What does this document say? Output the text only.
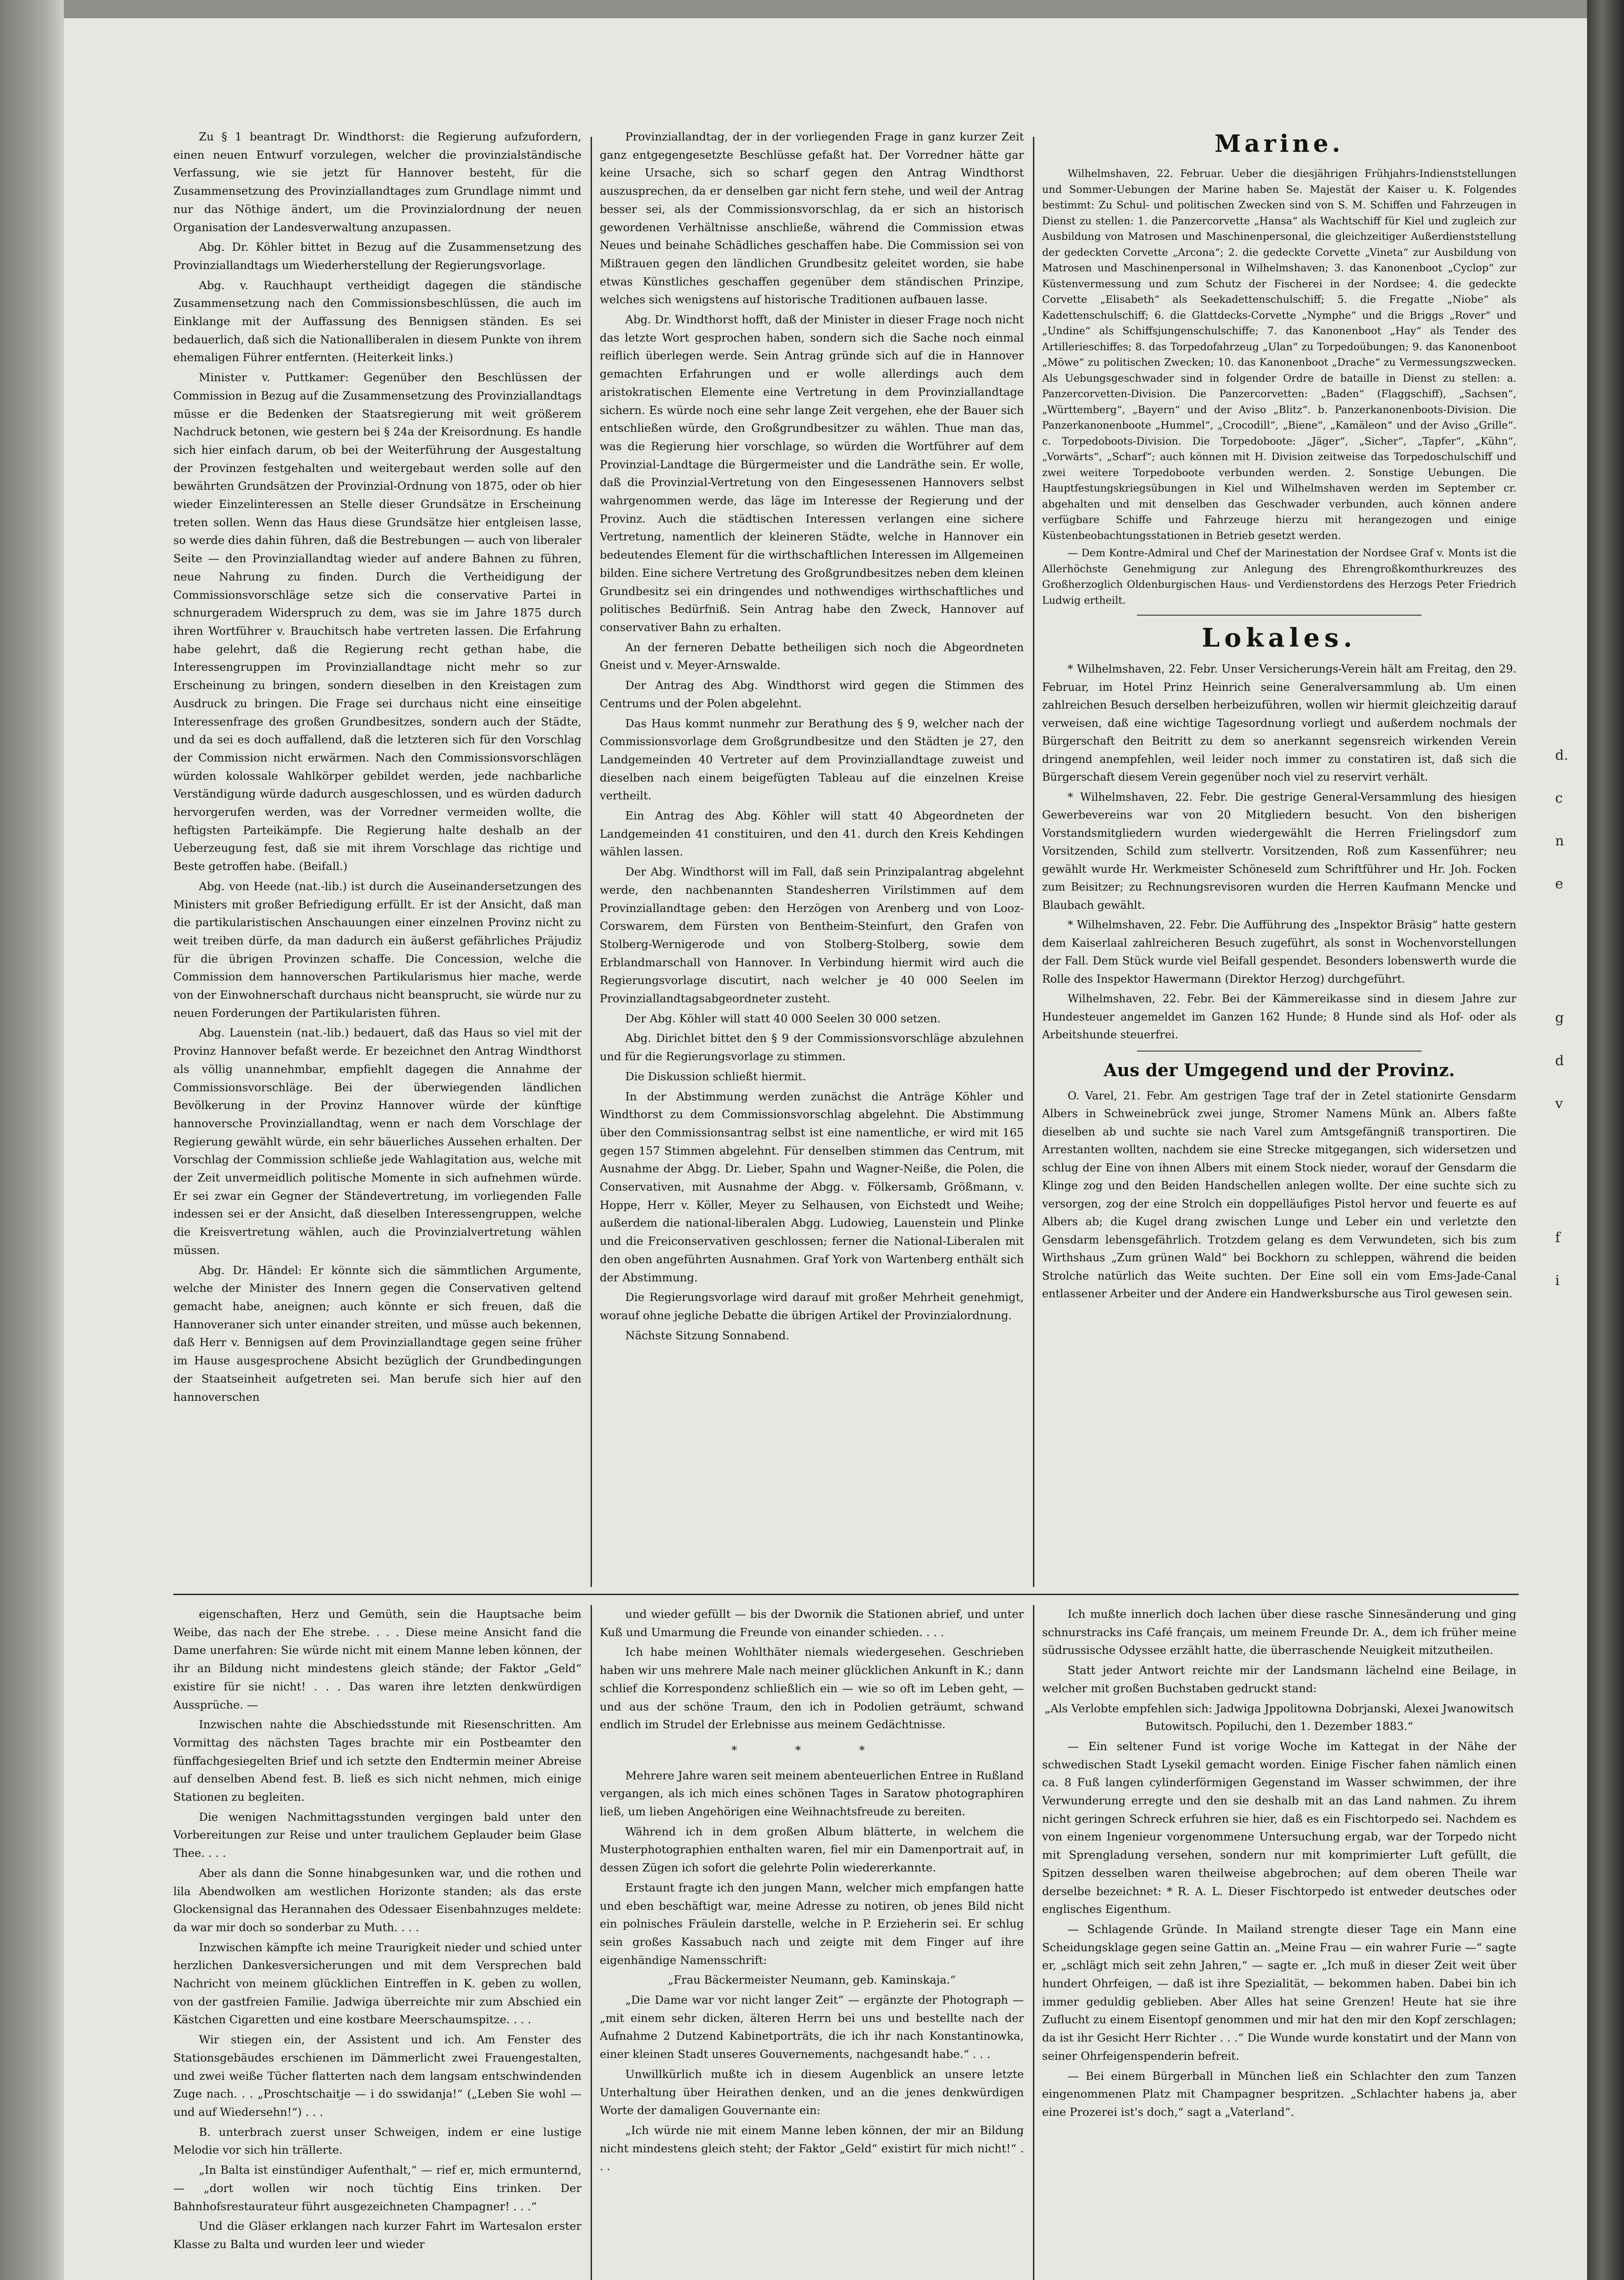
Zu § 1 beantragt Dr. Windthorst: die Regierung aufzufordern, einen neuen Entwurf vorzulegen, welcher die provinzialständische Verfassung, wie sie jetzt für Hannover besteht, für die Zusammensetzung des Provinziallandtages zum Grundlage nimmt und nur das Nöthige ändert, um die Provinzialordnung der neuen Organisation der Landesverwaltung anzupassen.

Abg. Dr. Köhler bittet in Bezug auf die Zusammensetzung des Provinziallandtags um Wiederherstellung der Regierungsvorlage.

Abg. v. Rauchhaupt vertheidigt dagegen die ständische Zusammensetzung nach den Commissionsbeschlüssen, die auch im Einklange mit der Auffassung des Bennigsen ständen. Es sei bedauerlich, daß sich die Nationalliberalen in diesem Punkte von ihrem ehemaligen Führer entfernten. (Heiterkeit links.)

Minister v. Puttkamer: Gegenüber den Beschlüssen der Commission in Bezug auf die Zusammensetzung des Provinziallandtags müsse er die Bedenken der Staatsregierung mit weit größerem Nachdruck betonen, wie gestern bei § 24a der Kreisordnung. Es handle sich hier einfach darum, ob bei der Weiterführung der Ausgestaltung der Provinzen festgehalten und weitergebaut werden solle auf den bewährten Grundsätzen der Provinzial-Ordnung von 1875, oder ob hier wieder Einzelinteressen an Stelle dieser Grundsätze in Erscheinung treten sollen. Wenn das Haus diese Grundsätze hier entgleisen lasse, so werde dies dahin führen, daß die Bestrebungen — auch von liberaler Seite — den Provinziallandtag wieder auf andere Bahnen zu führen, neue Nahrung zu finden. Durch die Vertheidigung der Commissionsvorschläge setze sich die conservative Partei in schnurgeradem Widerspruch zu dem, was sie im Jahre 1875 durch ihren Wortführer v. Brauchitsch habe vertreten lassen. Die Erfahrung habe gelehrt, daß die Regierung recht gethan habe, die Interessengruppen im Provinziallandtage nicht mehr so zur Erscheinung zu bringen, sondern dieselben in den Kreistagen zum Ausdruck zu bringen. Die Frage sei durchaus nicht eine einseitige Interessenfrage des großen Grundbesitzes, sondern auch der Städte, und da sei es doch auffallend, daß die letzteren sich für den Vorschlag der Commission nicht erwärmen. Nach den Commissionsvorschlägen würden kolossale Wahlkörper gebildet werden, jede nachbarliche Verständigung würde dadurch ausgeschlossen, und es würden dadurch hervorgerufen werden, was der Vorredner vermeiden wollte, die heftigsten Parteikämpfe. Die Regierung halte deshalb an der Ueberzeugung fest, daß sie mit ihrem Vorschlage das richtige und Beste getroffen habe. (Beifall.)

Abg. von Heede (nat.-lib.) ist durch die Auseinandersetzungen des Ministers mit großer Befriedigung erfüllt. Er ist der Ansicht, daß man die partikularistischen Anschauungen einer einzelnen Provinz nicht zu weit treiben dürfe, da man dadurch ein äußerst gefährliches Präjudiz für die übrigen Provinzen schaffe. Die Concession, welche die Commission dem hannoverschen Partikularismus hier mache, werde von der Einwohnerschaft durchaus nicht beansprucht, sie würde nur zu neuen Forderungen der Partikularisten führen.

Abg. Lauenstein (nat.-lib.) bedauert, daß das Haus so viel mit der Provinz Hannover befaßt werde. Er bezeichnet den Antrag Windthorst als völlig unannehmbar, empfiehlt dagegen die Annahme der Commissionsvorschläge. Bei der überwiegenden ländlichen Bevölkerung in der Provinz Hannover würde der künftige hannoversche Provinziallandtag, wenn er nach dem Vorschlage der Regierung gewählt würde, ein sehr bäuerliches Aussehen erhalten. Der Vorschlag der Commission schließe jede Wahlagitation aus, welche mit der Zeit unvermeidlich politische Momente in sich aufnehmen würde. Er sei zwar ein Gegner der Ständevertretung, im vorliegenden Falle indessen sei er der Ansicht, daß dieselben Interessengruppen, welche die Kreisvertretung wählen, auch die Provinzialvertretung wählen müssen.

Abg. Dr. Händel: Er könnte sich die sämmtlichen Argumente, welche der Minister des Innern gegen die Conservativen geltend gemacht habe, aneignen; auch könnte er sich freuen, daß die Hannoveraner sich unter einander streiten, und müsse auch bekennen, daß Herr v. Bennigsen auf dem Provinziallandtage gegen seine früher im Hause ausgesprochene Absicht bezüglich der Grundbedingungen der Staatseinheit aufgetreten sei. Man berufe sich hier auf den hannoverschen

Provinziallandtag, der in der vorliegenden Frage in ganz kurzer Zeit ganz entgegengesetzte Beschlüsse gefaßt hat. Der Vorredner hätte gar keine Ursache, sich so scharf gegen den Antrag Windthorst auszusprechen, da er denselben gar nicht fern stehe, und weil der Antrag besser sei, als der Commissionsvorschlag, da er sich an historisch gewordenen Verhältnisse anschließe, während die Commission etwas Neues und beinahe Schädliches geschaffen habe. Die Commission sei von Mißtrauen gegen den ländlichen Grundbesitz geleitet worden, sie habe etwas Künstliches geschaffen gegenüber dem ständischen Prinzipe, welches sich wenigstens auf historische Traditionen aufbauen lasse.

Abg. Dr. Windthorst hofft, daß der Minister in dieser Frage noch nicht das letzte Wort gesprochen haben, sondern sich die Sache noch einmal reiflich überlegen werde. Sein Antrag gründe sich auf die in Hannover gemachten Erfahrungen und er wolle allerdings auch dem aristokratischen Elemente eine Vertretung in dem Provinziallandtage sichern. Es würde noch eine sehr lange Zeit vergehen, ehe der Bauer sich entschließen würde, den Großgrundbesitzer zu wählen. Thue man das, was die Regierung hier vorschlage, so würden die Wortführer auf dem Provinzial-Landtage die Bürgermeister und die Landräthe sein. Er wolle, daß die Provinzial-Vertretung von den Eingesessenen Hannovers selbst wahrgenommen werde, das läge im Interesse der Regierung und der Provinz. Auch die städtischen Interessen verlangen eine sichere Vertretung, namentlich der kleineren Städte, welche in Hannover ein bedeutendes Element für die wirthschaftlichen Interessen im Allgemeinen bilden. Eine sichere Vertretung des Großgrundbesitzes neben dem kleinen Grundbesitz sei ein dringendes und nothwendiges wirthschaftliches und politisches Bedürfniß. Sein Antrag habe den Zweck, Hannover auf conservativer Bahn zu erhalten.

An der ferneren Debatte betheiligen sich noch die Abgeordneten Gneist und v. Meyer-Arnswalde.

Der Antrag des Abg. Windthorst wird gegen die Stimmen des Centrums und der Polen abgelehnt.

Das Haus kommt nunmehr zur Berathung des § 9, welcher nach der Commissionsvorlage dem Großgrundbesitze und den Städten je 27, den Landgemeinden 40 Vertreter auf dem Provinziallandtage zuweist und dieselben nach einem beigefügten Tableau auf die einzelnen Kreise vertheilt.

Ein Antrag des Abg. Köhler will statt 40 Abgeordneten der Landgemeinden 41 constituiren, und den 41. durch den Kreis Kehdingen wählen lassen.

Der Abg. Windthorst will im Fall, daß sein Prinzipalantrag abgelehnt werde, den nachbenannten Standesherren Virilstimmen auf dem Provinziallandtage geben: den Herzögen von Arenberg und von Looz-Corswarem, dem Fürsten von Bentheim-Steinfurt, den Grafen von Stolberg-Wernigerode und von Stolberg-Stolberg, sowie dem Erblandmarschall von Hannover. In Verbindung hiermit wird auch die Regierungsvorlage discutirt, nach welcher je 40 000 Seelen im Provinziallandtagsabgeordneter zusteht.

Der Abg. Köhler will statt 40 000 Seelen 30 000 setzen.

Abg. Dirichlet bittet den § 9 der Commissionsvorschläge abzulehnen und für die Regierungsvorlage zu stimmen.

Die Diskussion schließt hiermit.

In der Abstimmung werden zunächst die Anträge Köhler und Windthorst zu dem Commissionsvorschlag abgelehnt. Die Abstimmung über den Commissionsantrag selbst ist eine namentliche, er wird mit 165 gegen 157 Stimmen abgelehnt. Für denselben stimmen das Centrum, mit Ausnahme der Abgg. Dr. Lieber, Spahn und Wagner-Neiße, die Polen, die Conservativen, mit Ausnahme der Abgg. v. Fölkersamb, Größmann, v. Hoppe, Herr v. Köller, Meyer zu Selhausen, von Eichstedt und Weihe; außerdem die national-liberalen Abgg. Ludowieg, Lauenstein und Plinke und die Freiconservativen geschlossen; ferner die National-Liberalen mit den oben angeführten Ausnahmen. Graf York von Wartenberg enthält sich der Abstimmung.

Die Regierungsvorlage wird darauf mit großer Mehrheit genehmigt, worauf ohne jegliche Debatte die übrigen Artikel der Provinzialordnung.

Nächste Sitzung Sonnabend.

Marine.

Wilhelmshaven, 22. Februar. Ueber die diesjährigen Frühjahrs-Indienststellungen und Sommer-Uebungen der Marine haben Se. Majestät der Kaiser u. K. Folgendes bestimmt: Zu Schul- und politischen Zwecken sind von S. M. Schiffen und Fahrzeugen in Dienst zu stellen: 1. die Panzercorvette „Hansa“ als Wachtschiff für Kiel und zugleich zur Ausbildung von Matrosen und Maschinenpersonal, die gleichzeitiger Außerdienststellung der gedeckten Corvette „Arcona“; 2. die gedeckte Corvette „Vineta“ zur Ausbildung von Matrosen und Maschinenpersonal in Wilhelmshaven; 3. das Kanonenboot „Cyclop“ zur Küstenvermessung und zum Schutz der Fischerei in der Nordsee; 4. die gedeckte Corvette „Elisabeth“ als Seekadettenschulschiff; 5. die Fregatte „Niobe“ als Kadettenschulschiff; 6. die Glattdecks-Corvette „Nymphe“ und die Briggs „Rover“ und „Undine“ als Schiffsjungenschulschiffe; 7. das Kanonenboot „Hay“ als Tender des Artillerieschiffes; 8. das Torpedofahrzeug „Ulan“ zu Torpedoübungen; 9. das Kanonenboot „Möwe“ zu politischen Zwecken; 10. das Kanonenboot „Drache“ zu Vermessungszwecken. Als Uebungsgeschwader sind in folgender Ordre de bataille in Dienst zu stellen: a. Panzercorvetten-Division. Die Panzercorvetten: „Baden“ (Flaggschiff), „Sachsen“, „Württemberg“, „Bayern“ und der Aviso „Blitz“. b. Panzerkanonenboots-Division. Die Panzerkanonenboote „Hummel“, „Crocodill“, „Biene“, „Kamäleon“ und der Aviso „Grille“. c. Torpedoboots-Division. Die Torpedoboote: „Jäger“, „Sicher“, „Tapfer“, „Kühn“, „Vorwärts“, „Scharf“; auch können mit H. Division zeitweise das Torpedoschulschiff und zwei weitere Torpedoboote verbunden werden. 2. Sonstige Uebungen. Die Hauptfestungskriegsübungen in Kiel und Wilhelmshaven werden im September cr. abgehalten und mit denselben das Geschwader verbunden, auch können andere verfügbare Schiffe und Fahrzeuge hierzu mit herangezogen und einige Küstenbeobachtungsstationen in Betrieb gesetzt werden.

— Dem Kontre-Admiral und Chef der Marinestation der Nordsee Graf v. Monts ist die Allerhöchste Genehmigung zur Anlegung des Ehrengroßkomthurkreuzes des Großherzoglich Oldenburgischen Haus- und Verdienstordens des Herzogs Peter Friedrich Ludwig ertheilt.

Lokales.

* Wilhelmshaven, 22. Febr. Unser Versicherungs-Verein hält am Freitag, den 29. Februar, im Hotel Prinz Heinrich seine Generalversammlung ab. Um einen zahlreichen Besuch derselben herbeizuführen, wollen wir hiermit gleichzeitig darauf verweisen, daß eine wichtige Tagesordnung vorliegt und außerdem nochmals der Bürgerschaft den Beitritt zu dem so anerkannt segensreich wirkenden Verein dringend anempfehlen, weil leider noch immer zu constatiren ist, daß sich die Bürgerschaft diesem Verein gegenüber noch viel zu reservirt verhält.

* Wilhelmshaven, 22. Febr. Die gestrige General-Versammlung des hiesigen Gewerbevereins war von 20 Mitgliedern besucht. Von den bisherigen Vorstandsmitgliedern wurden wiedergewählt die Herren Frielingsdorf zum Vorsitzenden, Schild zum stellvertr. Vorsitzenden, Roß zum Kassenführer; neu gewählt wurde Hr. Werkmeister Schöneseld zum Schriftführer und Hr. Joh. Focken zum Beisitzer; zu Rechnungsrevisoren wurden die Herren Kaufmann Mencke und Blaubach gewählt.

* Wilhelmshaven, 22. Febr. Die Aufführung des „Inspektor Bräsig“ hatte gestern dem Kaiserlaal zahlreicheren Besuch zugeführt, als sonst in Wochenvorstellungen der Fall. Dem Stück wurde viel Beifall gespendet. Besonders lobenswerth wurde die Rolle des Inspektor Hawermann (Direktor Herzog) durchgeführt.

Wilhelmshaven, 22. Febr. Bei der Kämmereikasse sind in diesem Jahre zur Hundesteuer angemeldet im Ganzen 162 Hunde; 8 Hunde sind als Hof- oder als Arbeitshunde steuerfrei.

Aus der Umgegend und der Provinz.

O. Varel, 21. Febr. Am gestrigen Tage traf der in Zetel stationirte Gensdarm Albers in Schweinebrück zwei junge, Stromer Namens Münk an. Albers faßte dieselben ab und suchte sie nach Varel zum Amtsgefängniß transportiren. Die Arrestanten wollten, nachdem sie eine Strecke mitgegangen, sich widersetzen und schlug der Eine von ihnen Albers mit einem Stock nieder, worauf der Gensdarm die Klinge zog und den Beiden Handschellen anlegen wollte. Der eine suchte sich zu versorgen, zog der eine Strolch ein doppelläufiges Pistol hervor und feuerte es auf Albers ab; die Kugel drang zwischen Lunge und Leber ein und verletzte den Gensdarm lebensgefährlich. Trotzdem gelang es dem Verwundeten, sich bis zum Wirthshaus „Zum grünen Wald“ bei Bockhorn zu schleppen, während die beiden Strolche natürlich das Weite suchten. Der Eine soll ein vom Ems-Jade-Canal entlassener Arbeiter und der Andere ein Handwerksbursche aus Tirol gewesen sein.

eigenschaften, Herz und Gemüth, sein die Hauptsache beim Weibe, das nach der Ehe strebe. . . . Diese meine Ansicht fand die Dame unerfahren: Sie würde nicht mit einem Manne leben können, der ihr an Bildung nicht mindestens gleich stände; der Faktor „Geld“ existire für sie nicht! . . . Das waren ihre letzten denkwürdigen Aussprüche. —

Inzwischen nahte die Abschiedsstunde mit Riesenschritten. Am Vormittag des nächsten Tages brachte mir ein Postbeamter den fünffachgesiegelten Brief und ich setzte den Endtermin meiner Abreise auf denselben Abend fest. B. ließ es sich nicht nehmen, mich einige Stationen zu begleiten.

Die wenigen Nachmittagsstunden vergingen bald unter den Vorbereitungen zur Reise und unter traulichem Geplauder beim Glase Thee. . . .

Aber als dann die Sonne hinabgesunken war, und die rothen und lila Abendwolken am westlichen Horizonte standen; als das erste Glockensignal das Herannahen des Odessaer Eisenbahnzuges meldete: da war mir doch so sonderbar zu Muth. . . .

Inzwischen kämpfte ich meine Traurigkeit nieder und schied unter herzlichen Dankesversicherungen und mit dem Versprechen bald Nachricht von meinem glücklichen Eintreffen in K. geben zu wollen, von der gastfreien Familie. Jadwiga überreichte mir zum Abschied ein Kästchen Cigaretten und eine kostbare Meerschaumspitze. . . .

Wir stiegen ein, der Assistent und ich. Am Fenster des Stationsgebäudes erschienen im Dämmerlicht zwei Frauengestalten, und zwei weiße Tücher flatterten nach dem langsam entschwindenden Zuge nach. . . „Proschtschaitje — i do sswidanja!“ („Leben Sie wohl — und auf Wiedersehn!“) . . .

B. unterbrach zuerst unser Schweigen, indem er eine lustige Melodie vor sich hin trällerte.

„In Balta ist einstündiger Aufenthalt,“ — rief er, mich ermunternd, — „dort wollen wir noch tüchtig Eins trinken. Der Bahnhofsrestaurateur führt ausgezeichneten Champagner! . . .“

Und die Gläser erklangen nach kurzer Fahrt im Wartesalon erster Klasse zu Balta und wurden leer und wieder

und wieder gefüllt — bis der Dwornik die Stationen abrief, und unter Kuß und Umarmung die Freunde von einander schieden. . . .

Ich habe meinen Wohlthäter niemals wiedergesehen. Geschrieben haben wir uns mehrere Male nach meiner glücklichen Ankunft in K.; dann schlief die Korrespondenz schließlich ein — wie so oft im Leben geht, — und aus der schöne Traum, den ich in Podolien geträumt, schwand endlich im Strudel der Erlebnisse aus meinem Gedächtnisse.

* * *

Mehrere Jahre waren seit meinem abenteuerlichen Entree in Rußland vergangen, als ich mich eines schönen Tages in Saratow photographiren ließ, um lieben Angehörigen eine Weihnachtsfreude zu bereiten.

Während ich in dem großen Album blätterte, in welchem die Musterphotographien enthalten waren, fiel mir ein Damenportrait auf, in dessen Zügen ich sofort die gelehrte Polin wiedererkannte.

Erstaunt fragte ich den jungen Mann, welcher mich empfangen hatte und eben beschäftigt war, meine Adresse zu notiren, ob jenes Bild nicht ein polnisches Fräulein darstelle, welche in P. Erzieherin sei. Er schlug sein großes Kassabuch nach und zeigte mit dem Finger auf ihre eigenhändige Namensschrift:

„Frau Bäckermeister Neumann, geb. Kaminskaja.“

„Die Dame war vor nicht langer Zeit“ — ergänzte der Photograph — „mit einem sehr dicken, älteren Herrn bei uns und bestellte nach der Aufnahme 2 Dutzend Kabinetporträts, die ich ihr nach Konstantinowka, einer kleinen Stadt unseres Gouvernements, nachgesandt habe.“ . . .

Unwillkürlich mußte ich in diesem Augenblick an unsere letzte Unterhaltung über Heirathen denken, und an die jenes denkwürdigen Worte der damaligen Gouvernante ein:

„Ich würde nie mit einem Manne leben können, der mir an Bildung nicht mindestens gleich steht; der Faktor „Geld“ existirt für mich nicht!“ . . .

Ich mußte innerlich doch lachen über diese rasche Sinnesänderung und ging schnurstracks ins Café français, um meinem Freunde Dr. A., dem ich früher meine südrussische Odyssee erzählt hatte, die überraschende Neuigkeit mitzutheilen.

Statt jeder Antwort reichte mir der Landsmann lächelnd eine Beilage, in welcher mit großen Buchstaben gedruckt stand:

„Als Verlobte empfehlen sich: Jadwiga Jppolitowna Dobrjanski, Alexei Jwanowitsch Butowitsch. Popiluchi, den 1. Dezember 1883.“

— Ein seltener Fund ist vorige Woche im Kattegat in der Nähe der schwedischen Stadt Lysekil gemacht worden. Einige Fischer fahen nämlich einen ca. 8 Fuß langen cylinderförmigen Gegenstand im Wasser schwimmen, der ihre Verwunderung erregte und den sie deshalb mit an das Land nahmen. Zu ihrem nicht geringen Schreck erfuhren sie hier, daß es ein Fischtorpedo sei. Nachdem es von einem Ingenieur vorgenommene Untersuchung ergab, war der Torpedo nicht mit Sprengladung versehen, sondern nur mit komprimierter Luft gefüllt, die Spitzen desselben waren theilweise abgebrochen; auf dem oberen Theile war derselbe bezeichnet: * R. A. L. Dieser Fischtorpedo ist entweder deutsches oder englisches Eigenthum.

— Schlagende Gründe. In Mailand strengte dieser Tage ein Mann eine Scheidungsklage gegen seine Gattin an. „Meine Frau — ein wahrer Furie —“ sagte er, „schlägt mich seit zehn Jahren,“ — sagte er. „Ich muß in dieser Zeit weit über hundert Ohrfeigen, — daß ist ihre Spezialität, — bekommen haben. Dabei bin ich immer geduldig geblieben. Aber Alles hat seine Grenzen! Heute hat sie ihre Zuflucht zu einem Eisentopf genommen und mir hat den mir den Kopf zerschlagen; da ist ihr Gesicht Herr Richter . . .“ Die Wunde wurde konstatirt und der Mann von seiner Ohrfeigenspenderin befreit.

— Bei einem Bürgerball in München ließ ein Schlachter den zum Tanzen eingenommenen Platz mit Champagner bespritzen. „Schlachter habens ja, aber eine Prozerei ist's doch,“ sagt a „Vaterland“.

d.
c
n
e
g
d
v
f
i
